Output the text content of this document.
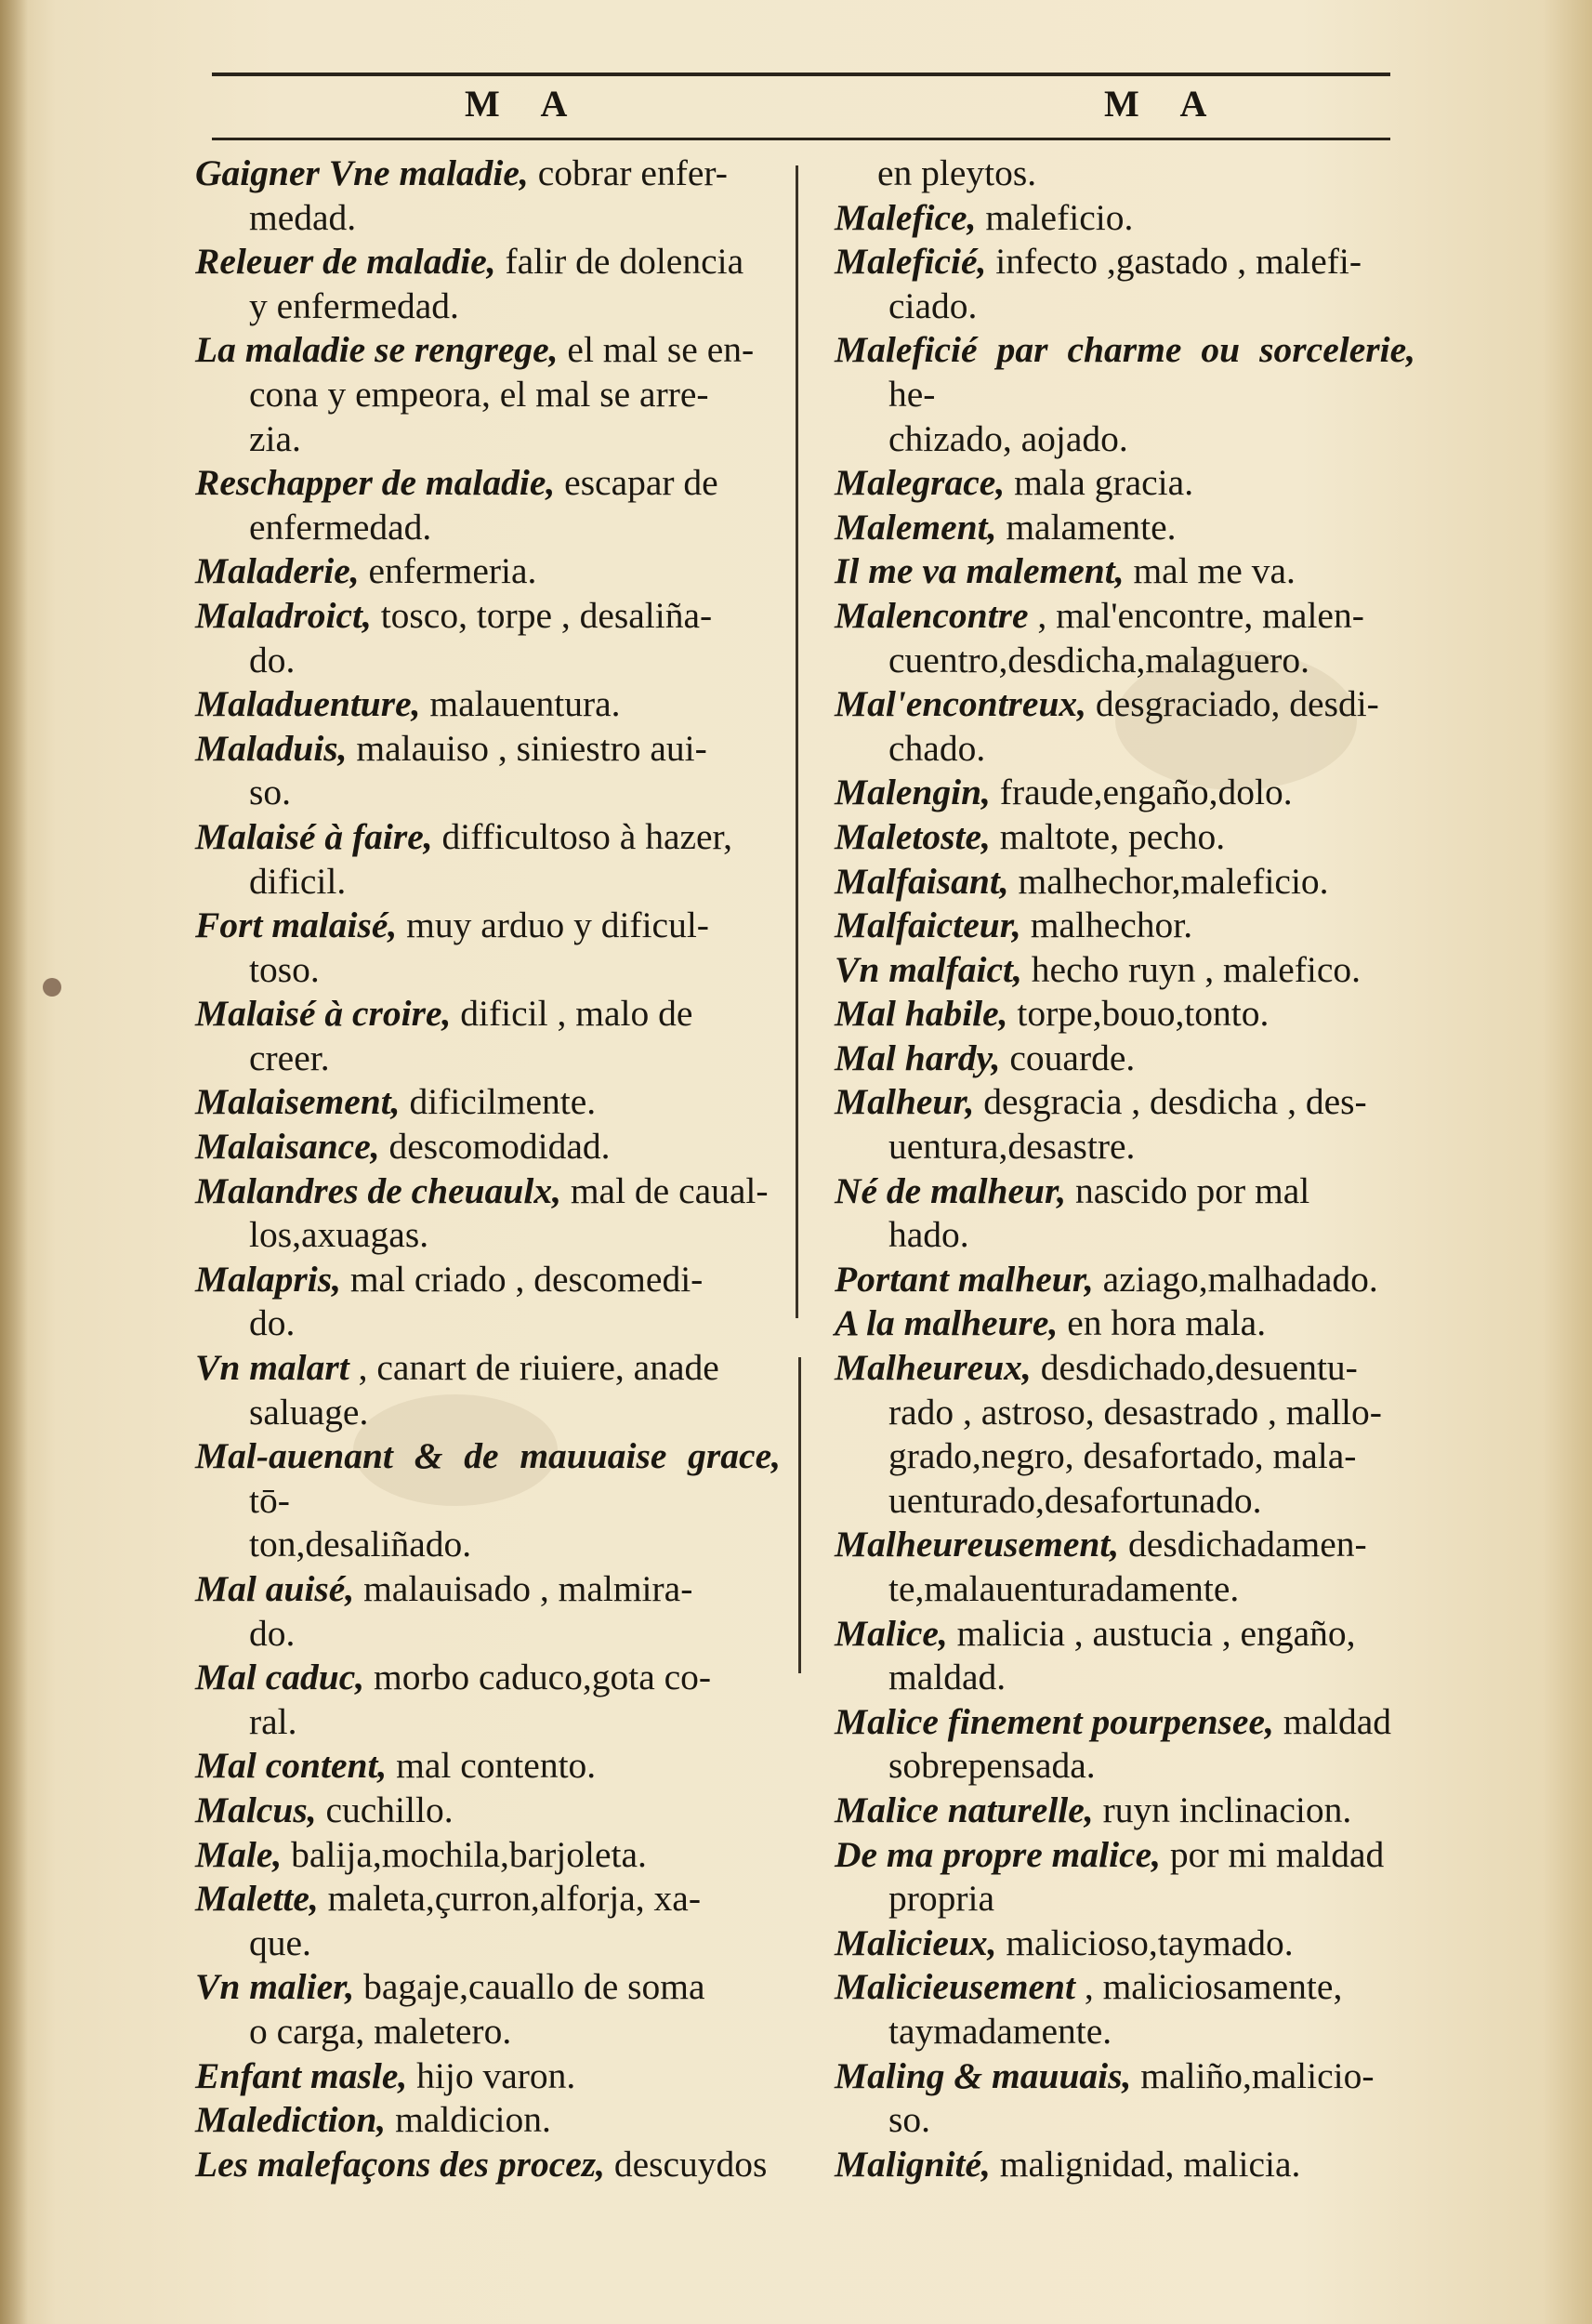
M A	M A

Gaigner Vne maladie, cobrar enfer-
medad.

Releuer de maladie, falir de dolencia
y enfermedad.

La maladie se rengrege, el mal se en-
cona y empeora, el mal se arre-
zia.

Reschapper de maladie, escapar de
enfermedad.

Maladerie, enfermeria.

Maladroict, tosco, torpe , desaliña-
do.

Maladuenture, malauentura.

Maladuis, malauiso , siniestro aui-
so.

Malaisé à faire, difficultoso à hazer,
dificil.

Fort malaisé, muy arduo y dificul-
toso.

Malaisé à croire, dificil , malo de
creer.

Malaisement, dificilmente.

Malaisance, descomodidad.

Malandres de cheuaulx, mal de caual-
los,axuagas.

Malapris, mal criado , descomedi-
do.

Vn malart , canart de riuiere, anade
saluage.

Mal-auenant & de mauuaise grace, tō-
ton,desaliñado.

Mal auisé, malauisado , malmira-
do.

Mal caduc, morbo caduco,gota co-
ral.

Mal content, mal contento.

Malcus, cuchillo.

Male, balija,mochila,barjoleta.

Malette, maleta,çurron,alforja, xa-
que.

Vn malier, bagaje,cauallo de soma
o carga, maletero.

Enfant masle, hijo varon.

Malediction, maldicion.

Les malefaçons des procez, descuydos

en pleytos.

Malefice, maleficio.

Maleficié, infecto ,gastado , malefi-
ciado.

Maleficié par charme ou sorcelerie, he-
chizado, aojado.

Malegrace, mala gracia.

Malement, malamente.

Il me va malement, mal me va.

Malencontre , mal'encontre, malen-
cuentro,desdicha,malaguero.

Mal'encontreux, desgraciado, desdi-
chado.

Malengin, fraude,engaño,dolo.

Maletoste, maltote, pecho.

Malfaisant, malhechor,maleficio.

Malfaicteur, malhechor.

Vn malfaict, hecho ruyn , malefico.

Mal habile, torpe,bouo,tonto.

Mal hardy, couarde.

Malheur, desgracia , desdicha , des-
uentura,desastre.

Né de malheur, nascido por mal
hado.

Portant malheur, aziago,malhadado.

A la malheure, en hora mala.

Malheureux, desdichado,desuentu-
rado , astroso, desastrado , mallo-
grado,negro, desafortado, mala-
uenturado,desafortunado.

Malheureusement, desdichadamen-
te,malauenturadamente.

Malice, malicia , austucia , engaño,
maldad.

Malice finement pourpensee, maldad
sobrepensada.

Malice naturelle, ruyn inclinacion.

De ma propre malice, por mi maldad
propria

Malicieux, malicioso,taymado.

Malicieusement , maliciosamente,
taymadamente.

Maling & mauuais, maliño,malicio-
so.

Malignité, malignidad, malicia.
